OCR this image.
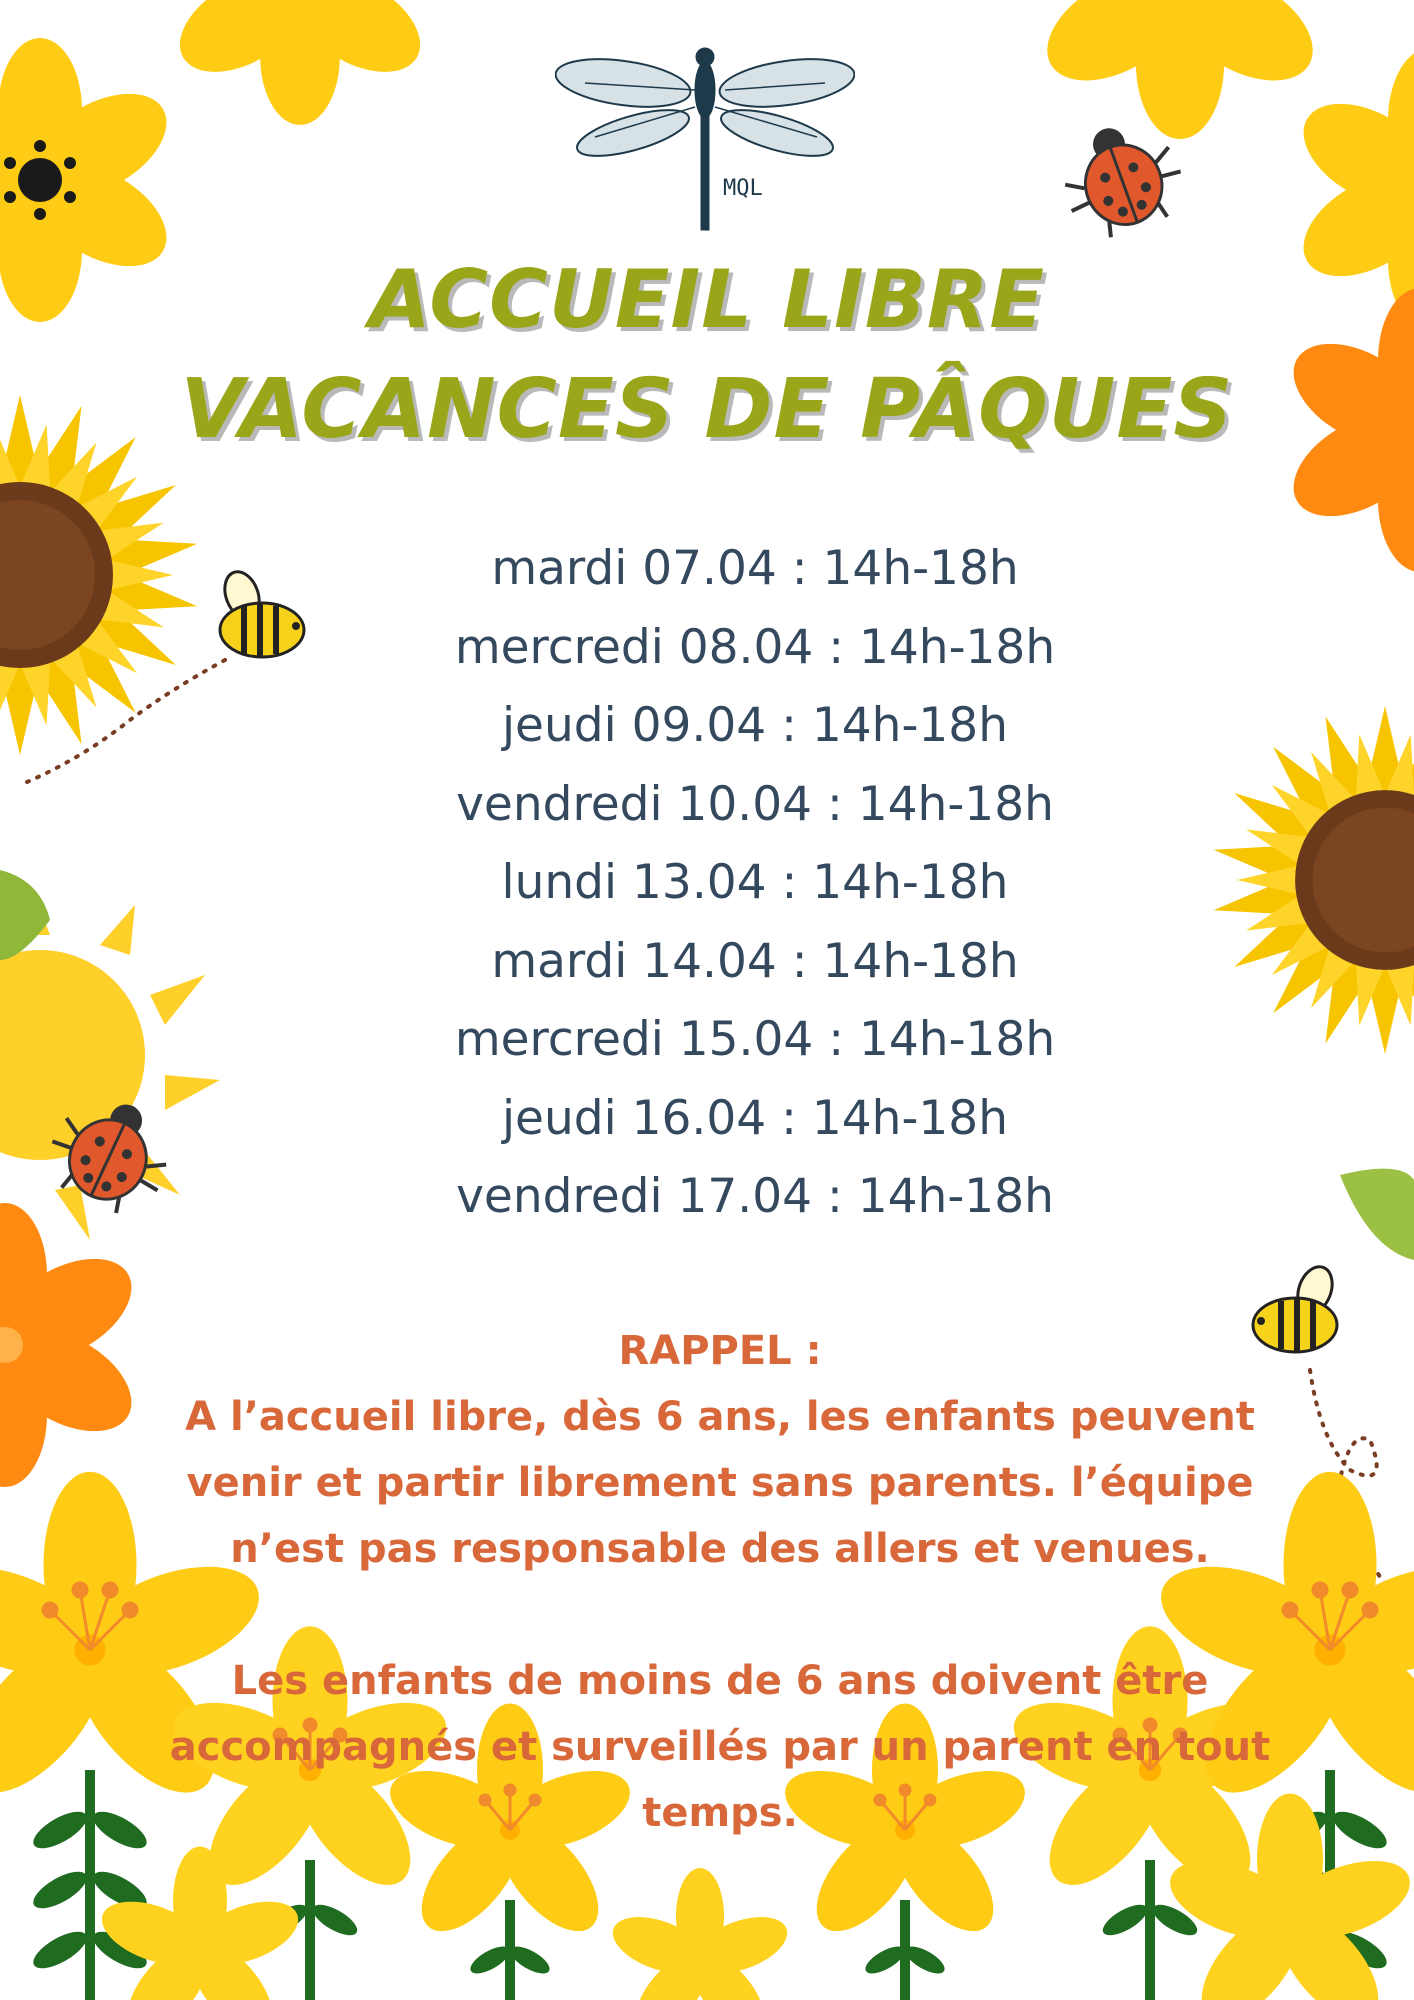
MQL
ACCUEIL LIBRE
VACANCES DE PÂQUES
mardi 07.04 : 14h-18h
mercredi 08.04 : 14h-18h
jeudi 09.04 : 14h-18h
vendredi 10.04 : 14h-18h
lundi 13.04 : 14h-18h
mardi 14.04 : 14h-18h
mercredi 15.04 : 14h-18h
jeudi 16.04 : 14h-18h
vendredi 17.04 : 14h-18h

RAPPEL :

A l’accueil libre, dès 6 ans, les enfants peuvent venir et partir librement sans parents. l’équipe n’est pas responsable des allers et venues.

Les enfants de moins de 6 ans doivent être accompagnés et surveillés par un parent en tout temps.
